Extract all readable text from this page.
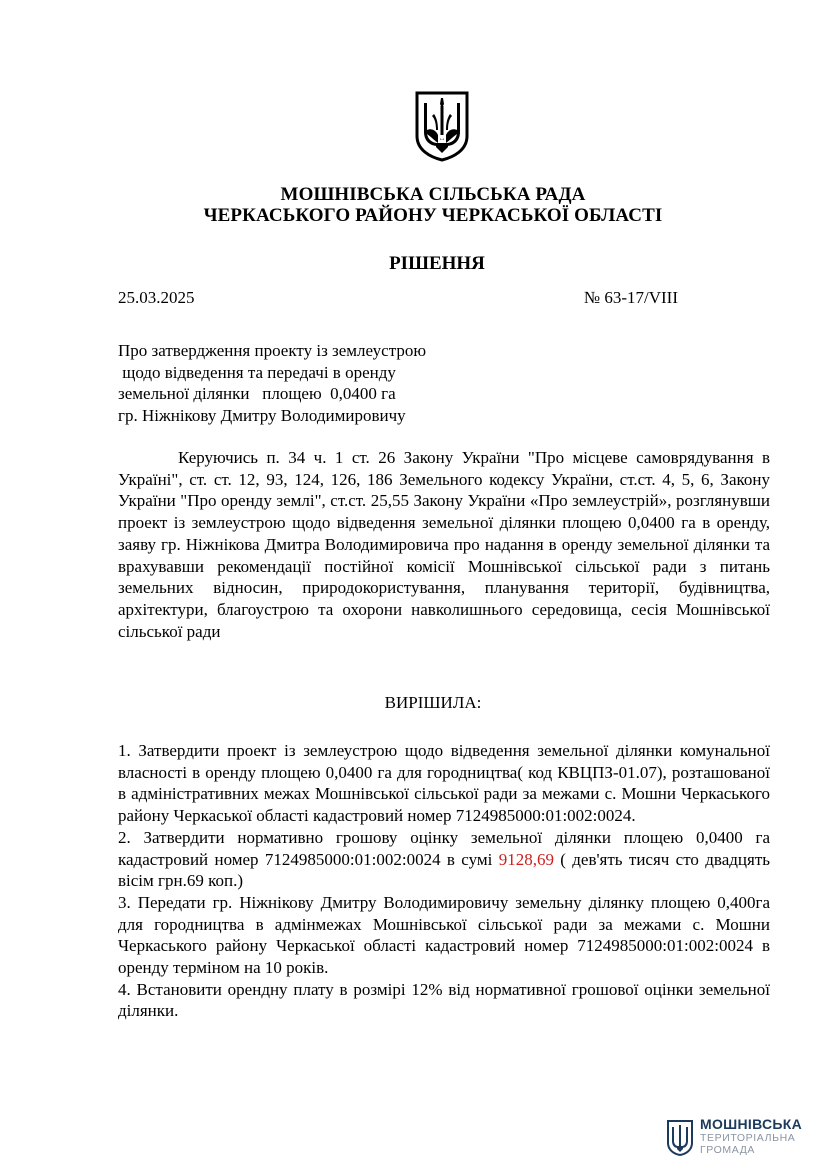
МОШНІВСЬКА СІЛЬСЬКА РАДА
ЧЕРКАСЬКОГО РАЙОНУ ЧЕРКАСЬКОЇ ОБЛАСТІ
РІШЕННЯ
25.03.2025	№ 63-17/VIII
Про затвердження проекту із землеустрою
щодо відведення та передачі в оренду
земельної ділянки   площею  0,0400 га
гр. Ніжнікову Дмитру Володимировичу
Керуючись п. 34 ч. 1 ст. 26 Закону України "Про місцеве самоврядування в Україні", ст. ст. 12, 93, 124, 126, 186 Земельного кодексу України, ст.ст. 4, 5, 6, Закону України "Про оренду землі", ст.ст. 25,55 Закону України «Про землеустрій», розглянувши проект із землеустрою щодо відведення земельної ділянки площею 0,0400 га в оренду, заяву гр. Ніжнікова Дмитра Володимировича про надання в оренду земельної ділянки та врахувавши рекомендації постійної комісії Мошнівської сільської ради з питань земельних відносин, природокористування, планування території, будівництва, архітектури, благоустрою та охорони навколишнього середовища, сесія Мошнівської сільської ради
ВИРІШИЛА:

1. Затвердити проект із землеустрою щодо відведення земельної ділянки комунальної власності в оренду площею 0,0400 га для городництва( код КВЦПЗ-01.07), розташованої в адміністративних межах Мошнівської сільської ради за межами с. Мошни Черкаського району Черкаської області кадастровий номер 7124985000:01:002:0024.

2. Затвердити нормативно грошову оцінку земельної ділянки площею 0,0400 га кадастровий номер 7124985000:01:002:0024 в сумі 9128,69 ( дев'ять тисяч сто двадцять вісім грн.69 коп.)

3. Передати гр. Ніжнікову Дмитру Володимировичу земельну ділянку площею 0,400га для городництва в адмінмежах Мошнівської сільської ради за межами с. Мошни Черкаського району Черкаської області кадастровий номер 7124985000:01:002:0024 в оренду терміном на 10 років.

4. Встановити орендну плату в розмірі 12% від нормативної грошової оцінки земельної ділянки.

МОШНІВСЬКА
ТЕРИТОРІАЛЬНА
ГРОМАДА
